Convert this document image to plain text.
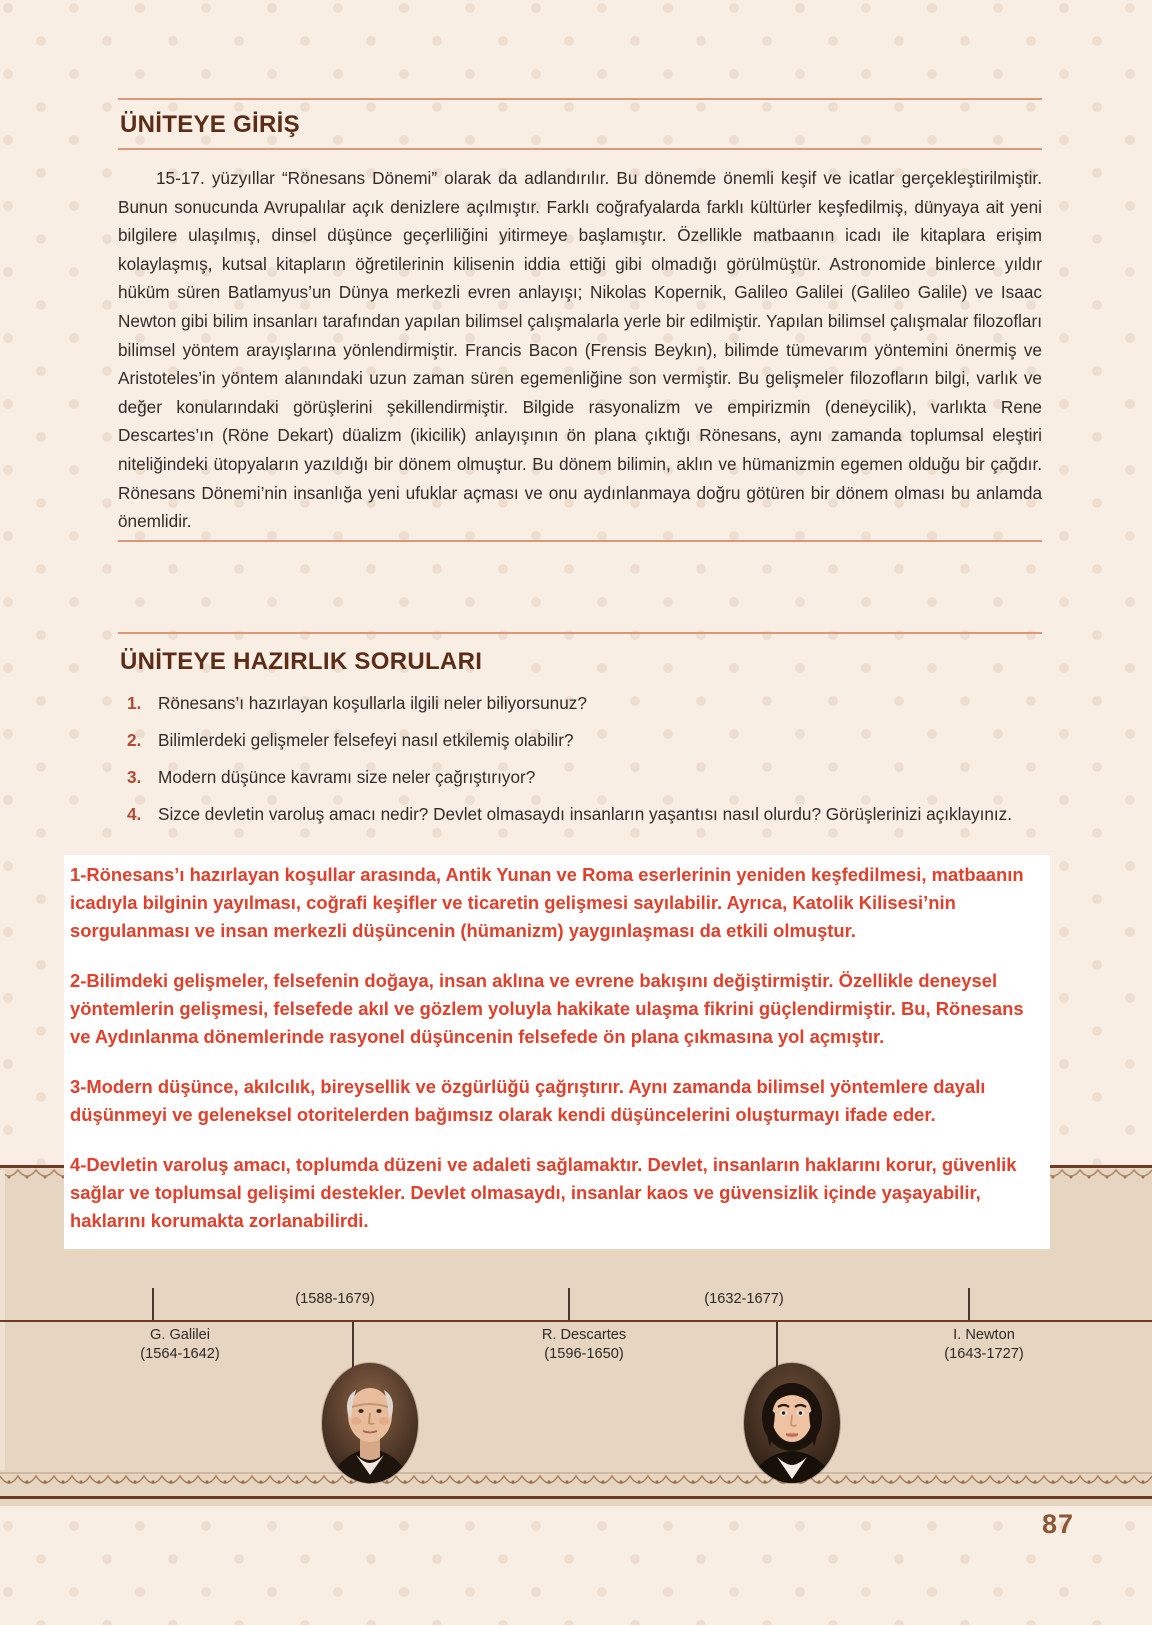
(1588-1679)	(1632-1677)
G. Galilei
(1564-1642)
R. Descartes
(1596-1650)
I. Newton
(1643-1727)
ÜNİTEYE GİRİŞ
15-17. yüzyıllar “Rönesans Dönemi” olarak da adlandırılır. Bu dönemde önemli keşif ve icatlar gerçekleştirilmiştir. Bunun sonucunda Avrupalılar açık denizlere açılmıştır. Farklı coğrafyalarda farklı kültürler keşfedilmiş, dünyaya ait yeni bilgilere ulaşılmış, dinsel düşünce geçerliliğini yitirmeye başlamıştır. Özellikle matbaanın icadı ile kitaplara erişim kolaylaşmış, kutsal kitapların öğretilerinin kilisenin iddia ettiği gibi olmadığı görülmüştür. Astronomide binlerce yıldır hüküm süren Batlamyus’un Dünya merkezli evren anlayışı; Nikolas Kopernik, Galileo Galilei (Galileo Galile) ve Isaac Newton gibi bilim insanları tarafından yapılan bilimsel çalışmalarla yerle bir edilmiştir. Yapılan bilimsel çalışmalar filozofları bilimsel yöntem arayışlarına yönlendirmiştir. Francis Bacon (Frensis Beykın), bilimde tümevarım yöntemini önermiş ve Aristoteles’in yöntem alanındaki uzun zaman süren egemenliğine son vermiştir. Bu gelişmeler filozofların bilgi, varlık ve değer konularındaki görüşlerini şekillendirmiştir. Bilgide rasyonalizm ve empirizmin (deneycilik), varlıkta Rene Descartes’ın (Röne Dekart) düalizm (ikicilik) anlayışının ön plana çıktığı Rönesans, aynı zamanda toplumsal eleştiri niteliğindeki ütopyaların yazıldığı bir dönem olmuştur. Bu dönem bilimin, aklın ve hümanizmin egemen olduğu bir çağdır. Rönesans Dönemi’nin insanlığa yeni ufuklar açması ve onu aydınlanmaya doğru götüren bir dönem olması bu anlamda önemlidir.
ÜNİTEYE HAZIRLIK SORULARI
1. Rönesans’ı hazırlayan koşullarla ilgili neler biliyorsunuz?
2. Bilimlerdeki gelişmeler felsefeyi nasıl etkilemiş olabilir?
3. Modern düşünce kavramı size neler çağrıştırıyor?
4. Sizce devletin varoluş amacı nedir? Devlet olmasaydı insanların yaşantısı nasıl olurdu? Görüşlerinizi açıklayınız.

1-Rönesans’ı hazırlayan koşullar arasında, Antik Yunan ve Roma eserlerinin yeniden keşfedilmesi, matbaanın icadıyla bilginin yayılması, coğrafi keşifler ve ticaretin gelişmesi sayılabilir. Ayrıca, Katolik Kilisesi’nin sorgulanması ve insan merkezli düşüncenin (hümanizm) yaygınlaşması da etkili olmuştur.

2-Bilimdeki gelişmeler, felsefenin doğaya, insan aklına ve evrene bakışını değiştirmiştir. Özellikle deneysel yöntemlerin gelişmesi, felsefede akıl ve gözlem yoluyla hakikate ulaşma fikrini güçlendirmiştir. Bu, Rönesans ve Aydınlanma dönemlerinde rasyonel düşüncenin felsefede ön plana çıkmasına yol açmıştır.

3-Modern düşünce, akılcılık, bireysellik ve özgürlüğü çağrıştırır. Aynı zamanda bilimsel yöntemlere dayalı düşünmeyi ve geleneksel otoritelerden bağımsız olarak kendi düşüncelerini oluşturmayı ifade eder.

4-Devletin varoluş amacı, toplumda düzeni ve adaleti sağlamaktır. Devlet, insanların haklarını korur, güvenlik sağlar ve toplumsal gelişimi destekler. Devlet olmasaydı, insanlar kaos ve güvensizlik içinde yaşayabilir, haklarını korumakta zorlanabilirdi.

87
